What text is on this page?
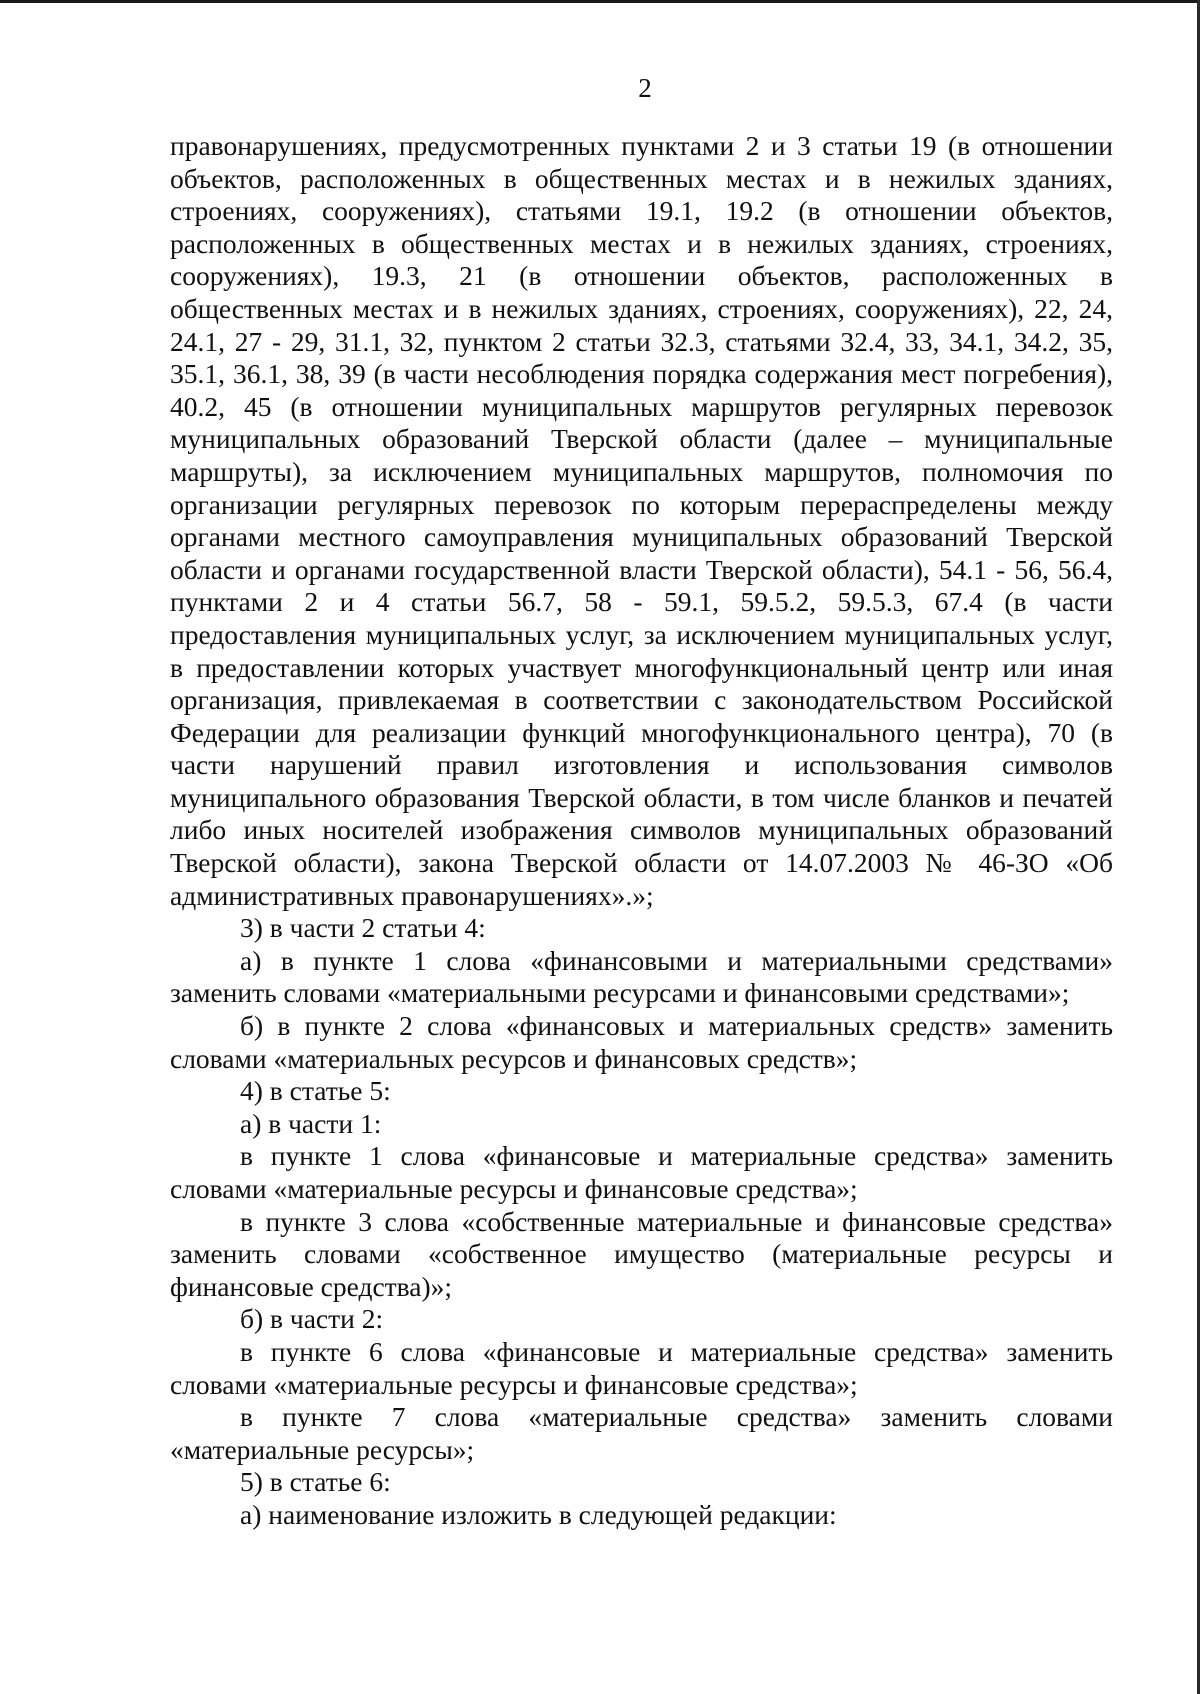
2

правонарушениях, предусмотренных пунктами 2 и 3 статьи 19 (в отношении объектов, расположенных в общественных местах и в нежилых зданиях, строениях, сооружениях), статьями 19.1, 19.2 (в отношении объектов, расположенных в общественных местах и в нежилых зданиях, строениях, сооружениях), 19.3, 21 (в отношении объектов, расположенных в общественных местах и в нежилых зданиях, строениях, сооружениях), 22, 24, 24.1, 27 - 29, 31.1, 32, пунктом 2 статьи 32.3, статьями 32.4, 33, 34.1, 34.2, 35, 35.1, 36.1, 38, 39 (в части несоблюдения порядка содержания мест погребения), 40.2, 45 (в отношении муниципальных маршрутов регулярных перевозок муниципальных образований Тверской области (далее – муниципальные маршруты), за исключением муниципальных маршрутов, полномочия по организации регулярных перевозок по которым перераспределены между органами местного самоуправления муниципальных образований Тверской области и органами государственной власти Тверской области), 54.1 - 56, 56.4, пунктами 2 и 4 статьи 56.7, 58 - 59.1, 59.5.2, 59.5.3, 67.4 (в части предоставления муниципальных услуг, за исключением муниципальных услуг, в предоставлении которых участвует многофункциональный центр или иная организация, привлекаемая в соответствии с законодательством Российской Федерации для реализации функций многофункционального центра), 70 (в части нарушений правил изготовления и использования символов муниципального образования Тверской области, в том числе бланков и печатей либо иных носителей изображения символов муниципальных образований Тверской области), закона Тверской области от 14.07.2003 № 46-ЗО «Об административных правонарушениях».»;

3) в части 2 статьи 4:

а) в пункте 1 слова «финансовыми и материальными средствами» заменить словами «материальными ресурсами и финансовыми средствами»;

б) в пункте 2 слова «финансовых и материальных средств» заменить словами «материальных ресурсов и финансовых средств»;

4) в статье 5:

а) в части 1:

в пункте 1 слова «финансовые и материальные средства» заменить словами «материальные ресурсы и финансовые средства»;

в пункте 3 слова «собственные материальные и финансовые средства» заменить словами «собственное имущество (материальные ресурсы и финансовые средства)»;

б) в части 2:

в пункте 6 слова «финансовые и материальные средства» заменить словами «материальные ресурсы и финансовые средства»;

в пункте 7 слова «материальные средства» заменить словами «материальные ресурсы»;

5) в статье 6:

а) наименование изложить в следующей редакции:
